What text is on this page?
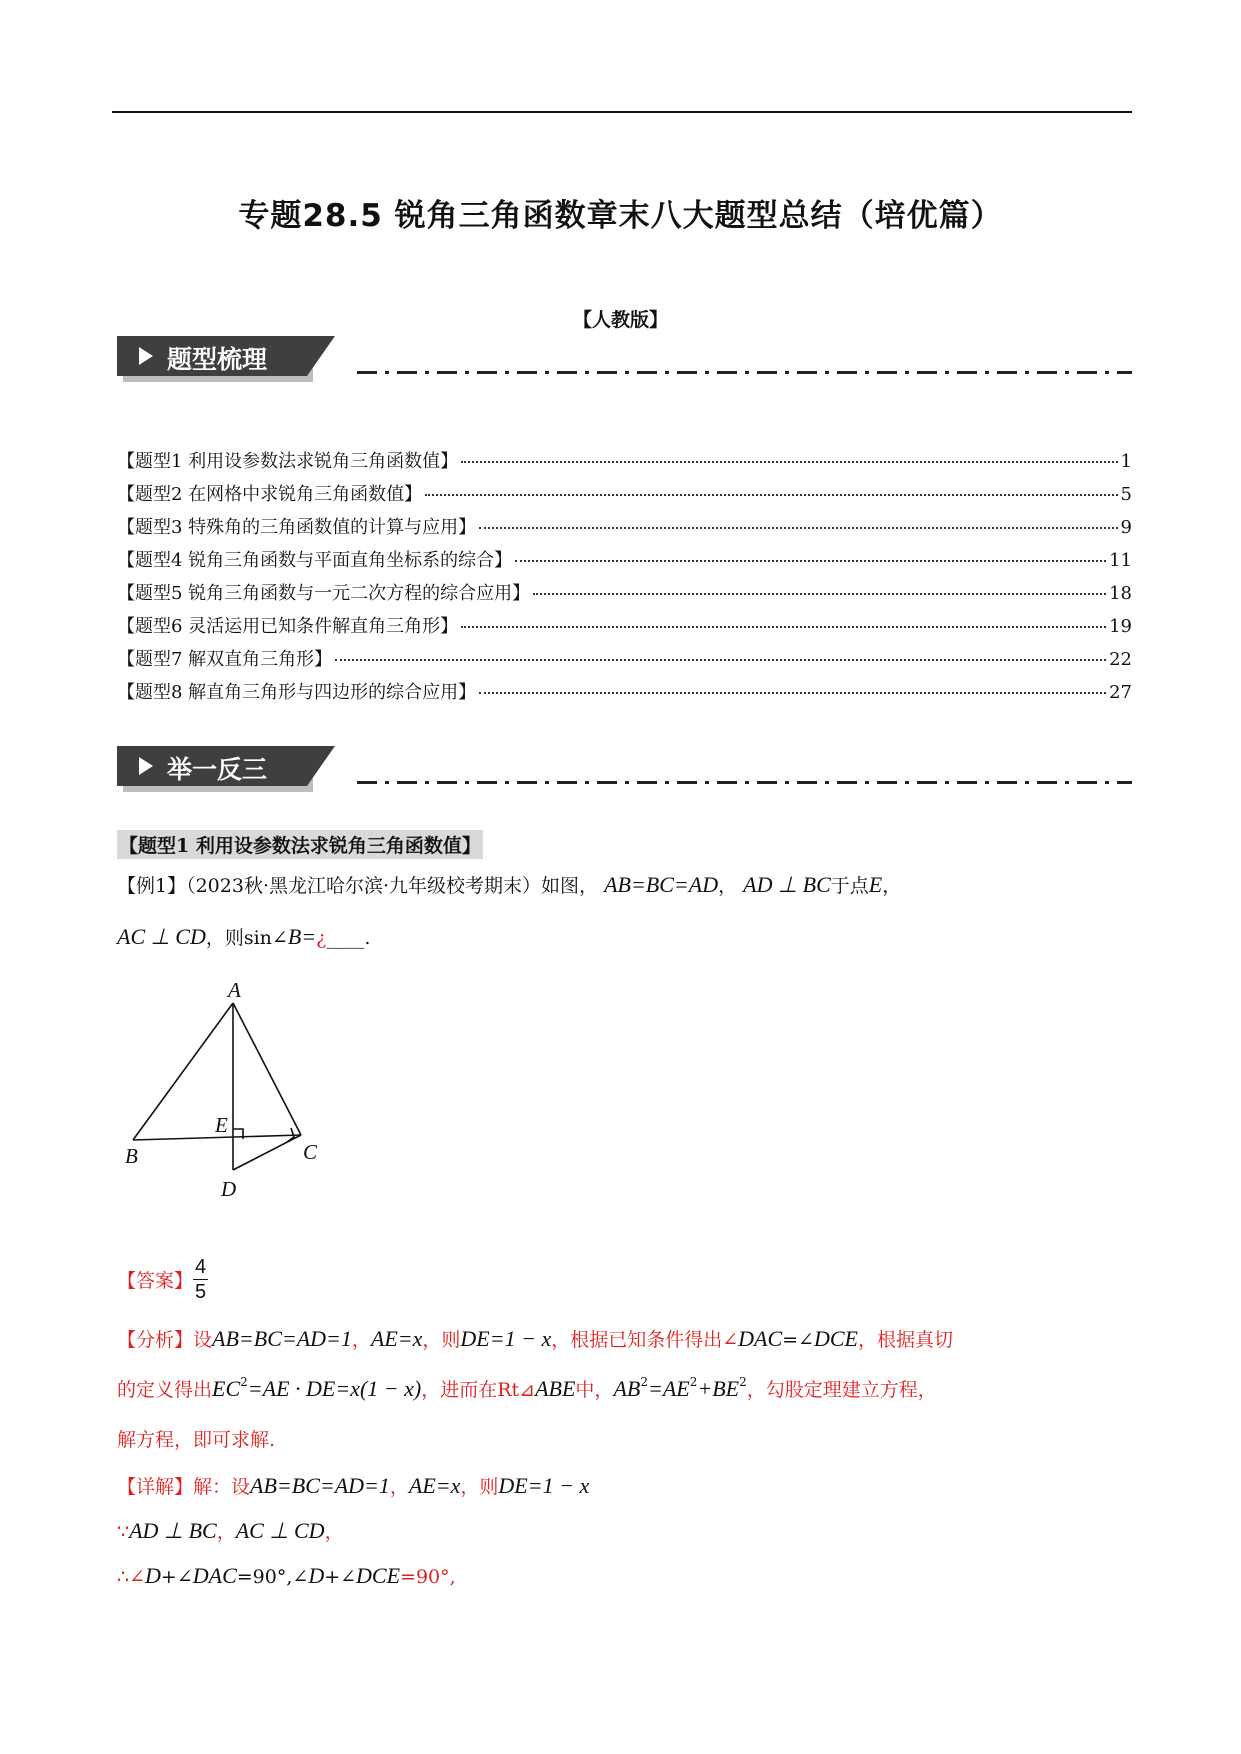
专题28.5 锐角三角函数章末八大题型总结（培优篇）
【人教版】
题型梳理
【题型1 利用设参数法求锐角三角函数值】	1
【题型2 在网格中求锐角三角函数值】	5
【题型3 特殊角的三角函数值的计算与应用】	9
【题型4 锐角三角函数与平面直角坐标系的综合】	11
【题型5 锐角三角函数与一元二次方程的综合应用】	18
【题型6 灵活运用已知条件解直角三角形】	19
【题型7 解双直角三角形】	22
【题型8 解直角三角形与四边形的综合应用】	27
举一反三
【题型1 利用设参数法求锐角三角函数值】
【例1】（2023秋·黑龙江哈尔滨·九年级校考期末）如图， AB=BC=AD， AD ⊥ BC于点E，
AC ⊥ CD，则sin∠B=¿____.
A
B	C
D
E
【答案】 $\frac{4}{5}$
【分析】设AB=BC=AD=1，AE=x，则DE=1 − x，根据已知条件得出∠DAC=∠DCE，根据真切
的定义得出$EC^2=AE \cdot DE=x(1 - x)$，进而在Rt⊿ABE中，$AB^2=AE^2+BE^2$，勾股定理建立方程，
解方程，即可求解.
【详解】解：设AB=BC=AD=1，AE=x，则DE=1 − x
∵AD ⊥ BC，AC ⊥ CD，
∴∠D+∠DAC=90°,∠D+∠DCE=90°,
